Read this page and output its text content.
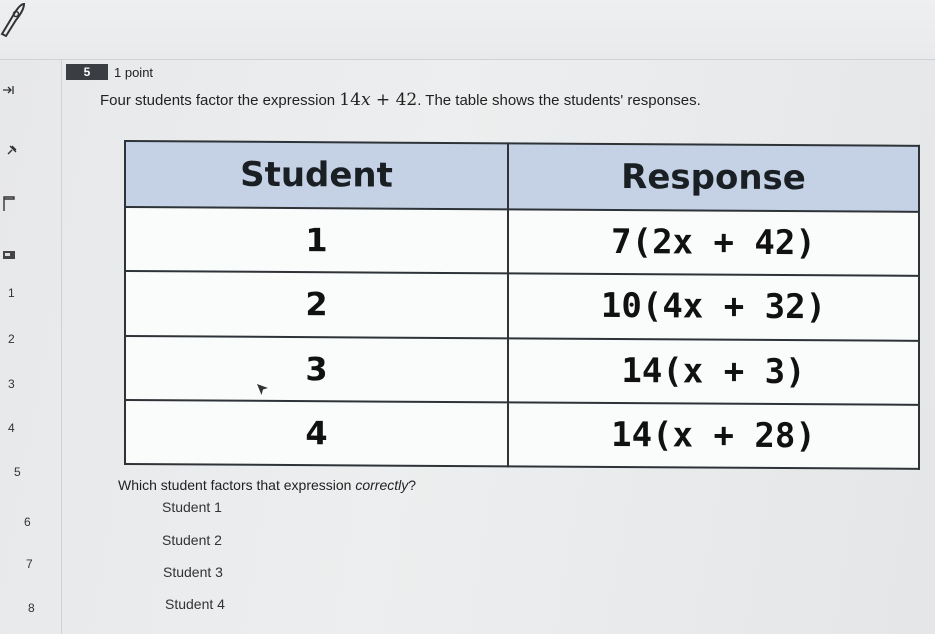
1
2
3
4
5
6
7
8
5	1 point
Four students factor the expression 14x + 42. The table shows the students' responses.
Student	Response
1	7(2x + 42)
2	10(4x + 32)
3	14(x + 3)
4	14(x + 28)
Which student factors that expression correctly?
Student 1
Student 2
Student 3
Student 4
